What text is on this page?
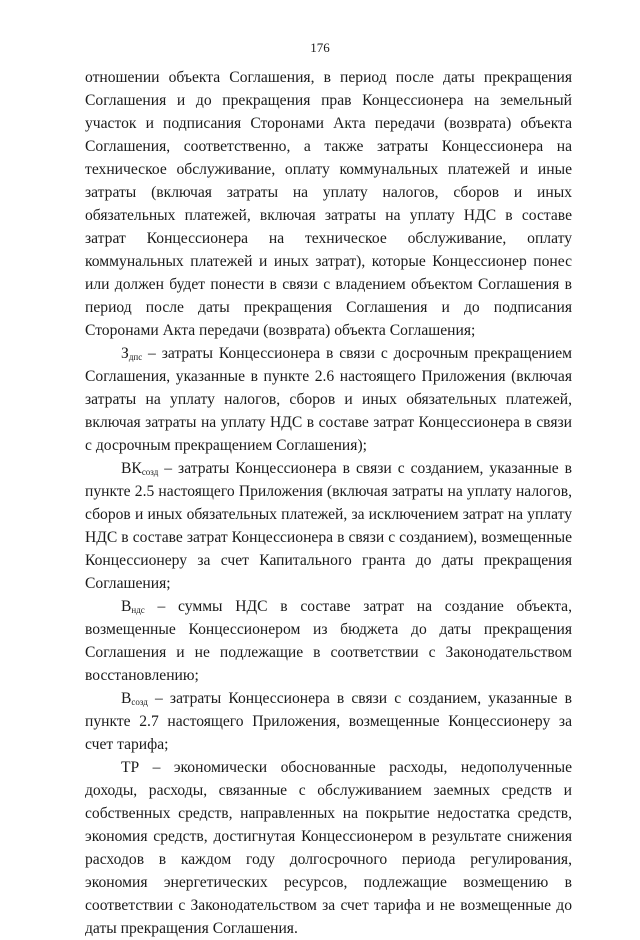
176

отношении объекта Соглашения, в период после даты прекращения Соглашения и до прекращения прав Концессионера на земельный участок и подписания Сторонами Акта передачи (возврата) объекта Соглашения, соответственно, а также затраты Концессионера на техническое обслуживание, оплату коммунальных платежей и иные затраты (включая затраты на уплату налогов, сборов и иных обязательных платежей, включая затраты на уплату НДС в составе затрат Концессионера на техническое обслуживание, оплату коммунальных платежей и иных затрат), которые Концессионер понес или должен будет понести в связи с владением объектом Соглашения в период после даты прекращения Соглашения и до подписания Сторонами Акта передачи (возврата) объекта Соглашения;

$З_{дпс}$ – затраты Концессионера в связи с досрочным прекращением Соглашения, указанные в пункте 2.6 настоящего Приложения (включая затраты на уплату налогов, сборов и иных обязательных платежей, включая затраты на уплату НДС в составе затрат Концессионера в связи с досрочным прекращением Соглашения);

$ВК_{созд}$ – затраты Концессионера в связи с созданием, указанные в пункте 2.5 настоящего Приложения (включая затраты на уплату налогов, сборов и иных обязательных платежей, за исключением затрат на уплату НДС в составе затрат Концессионера в связи с созданием), возмещенные Концессионеру за счет Капитального гранта до даты прекращения Соглашения;

$В_{ндс}$ – суммы НДС в составе затрат на создание объекта, возмещенные Концессионером из бюджета до даты прекращения Соглашения и не подлежащие в соответствии с Законодательством восстановлению;

$В_{созд}$ – затраты Концессионера в связи с созданием, указанные в пункте 2.7 настоящего Приложения, возмещенные Концессионеру за счет тарифа;

ТР – экономически обоснованные расходы, недополученные доходы, расходы, связанные с обслуживанием заемных средств и собственных средств, направленных на покрытие недостатка средств, экономия средств, достигнутая Концессионером в результате снижения расходов в каждом году долгосрочного периода регулирования, экономия энергетических ресурсов, подлежащие возмещению в соответствии с Законодательством за счет тарифа и не возмещенные до даты прекращения Соглашения.
